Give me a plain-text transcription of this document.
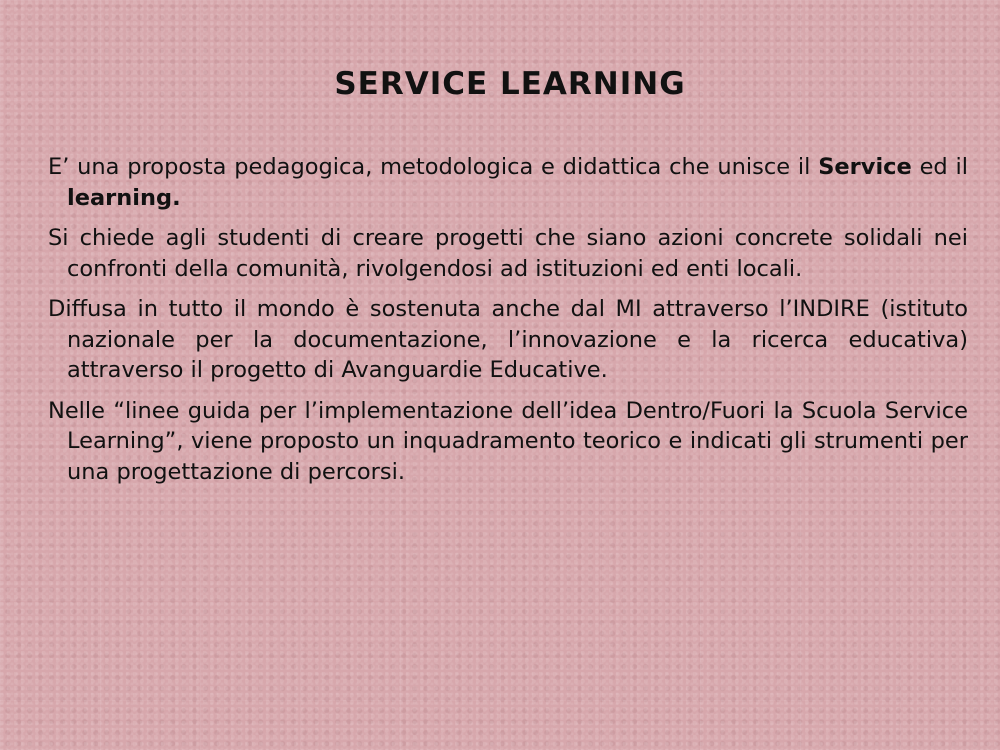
SERVICE LEARNING

E’ una proposta pedagogica, metodologica e didattica che unisce il Service ed il learning.

Si chiede agli studenti di creare progetti che siano azioni concrete solidali nei confronti della comunità, rivolgendosi ad istituzioni ed enti locali.

Diffusa in tutto il mondo è sostenuta anche dal MI attraverso l’INDIRE (istituto nazionale per la documentazione, l’innovazione e la ricerca educativa) attraverso il progetto di Avanguardie Educative.

Nelle “linee guida per l’implementazione dell’idea Dentro/Fuori la Scuola Service Learning”, viene proposto un inquadramento teorico e indicati gli strumenti per una progettazione di percorsi.
